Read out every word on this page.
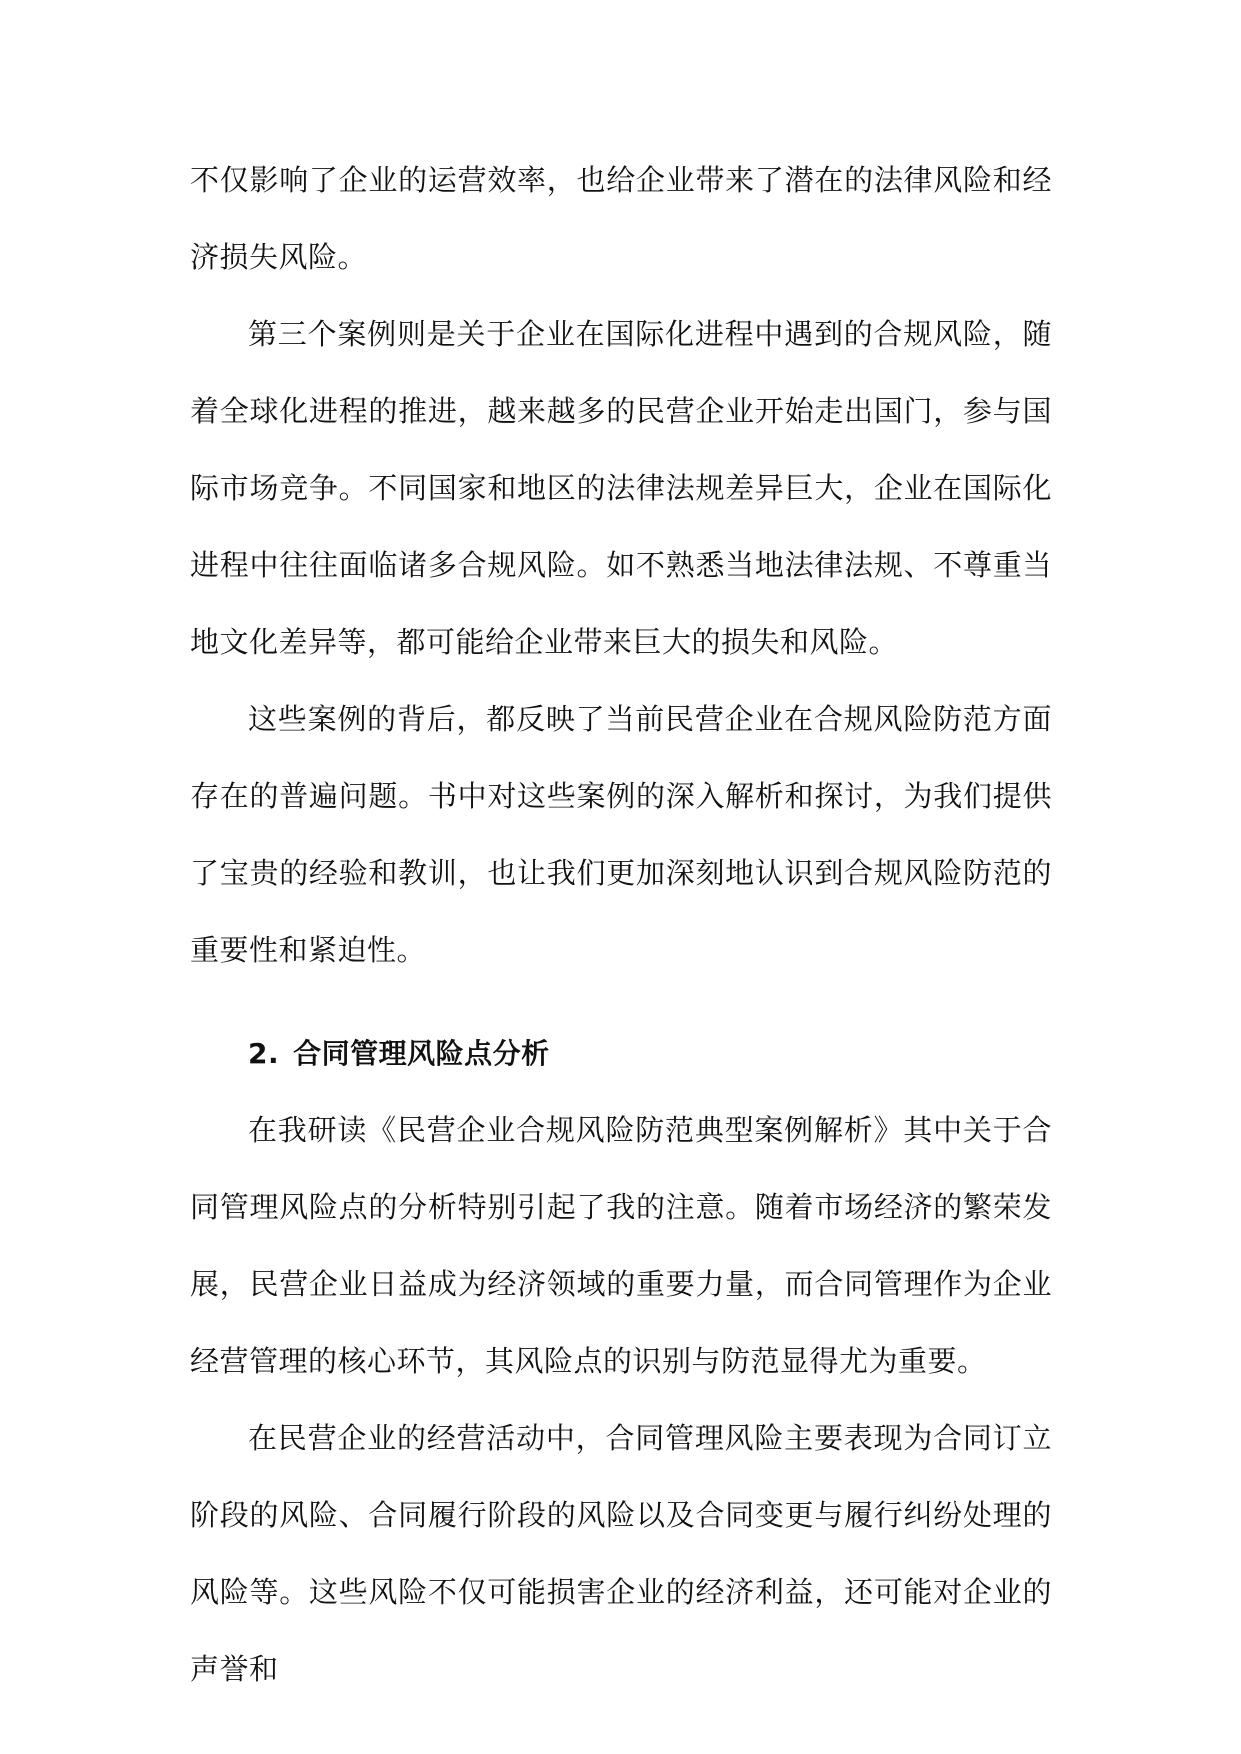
不仅影响了企业的运营效率，也给企业带来了潜在的法律风险和经济损失风险。

第三个案例则是关于企业在国际化进程中遇到的合规风险，随着全球化进程的推进，越来越多的民营企业开始走出国门，参与国际市场竞争。不同国家和地区的法律法规差异巨大，企业在国际化进程中往往面临诸多合规风险。如不熟悉当地法律法规、不尊重当地文化差异等，都可能给企业带来巨大的损失和风险。

这些案例的背后，都反映了当前民营企业在合规风险防范方面存在的普遍问题。书中对这些案例的深入解析和探讨，为我们提供了宝贵的经验和教训，也让我们更加深刻地认识到合规风险防范的重要性和紧迫性。

2. 合同管理风险点分析

在我研读《民营企业合规风险防范典型案例解析》其中关于合同管理风险点的分析特别引起了我的注意。随着市场经济的繁荣发展，民营企业日益成为经济领域的重要力量，而合同管理作为企业经营管理的核心环节，其风险点的识别与防范显得尤为重要。

在民营企业的经营活动中，合同管理风险主要表现为合同订立阶段的风险、合同履行阶段的风险以及合同变更与履行纠纷处理的风险等。这些风险不仅可能损害企业的经济利益，还可能对企业的声誉和
